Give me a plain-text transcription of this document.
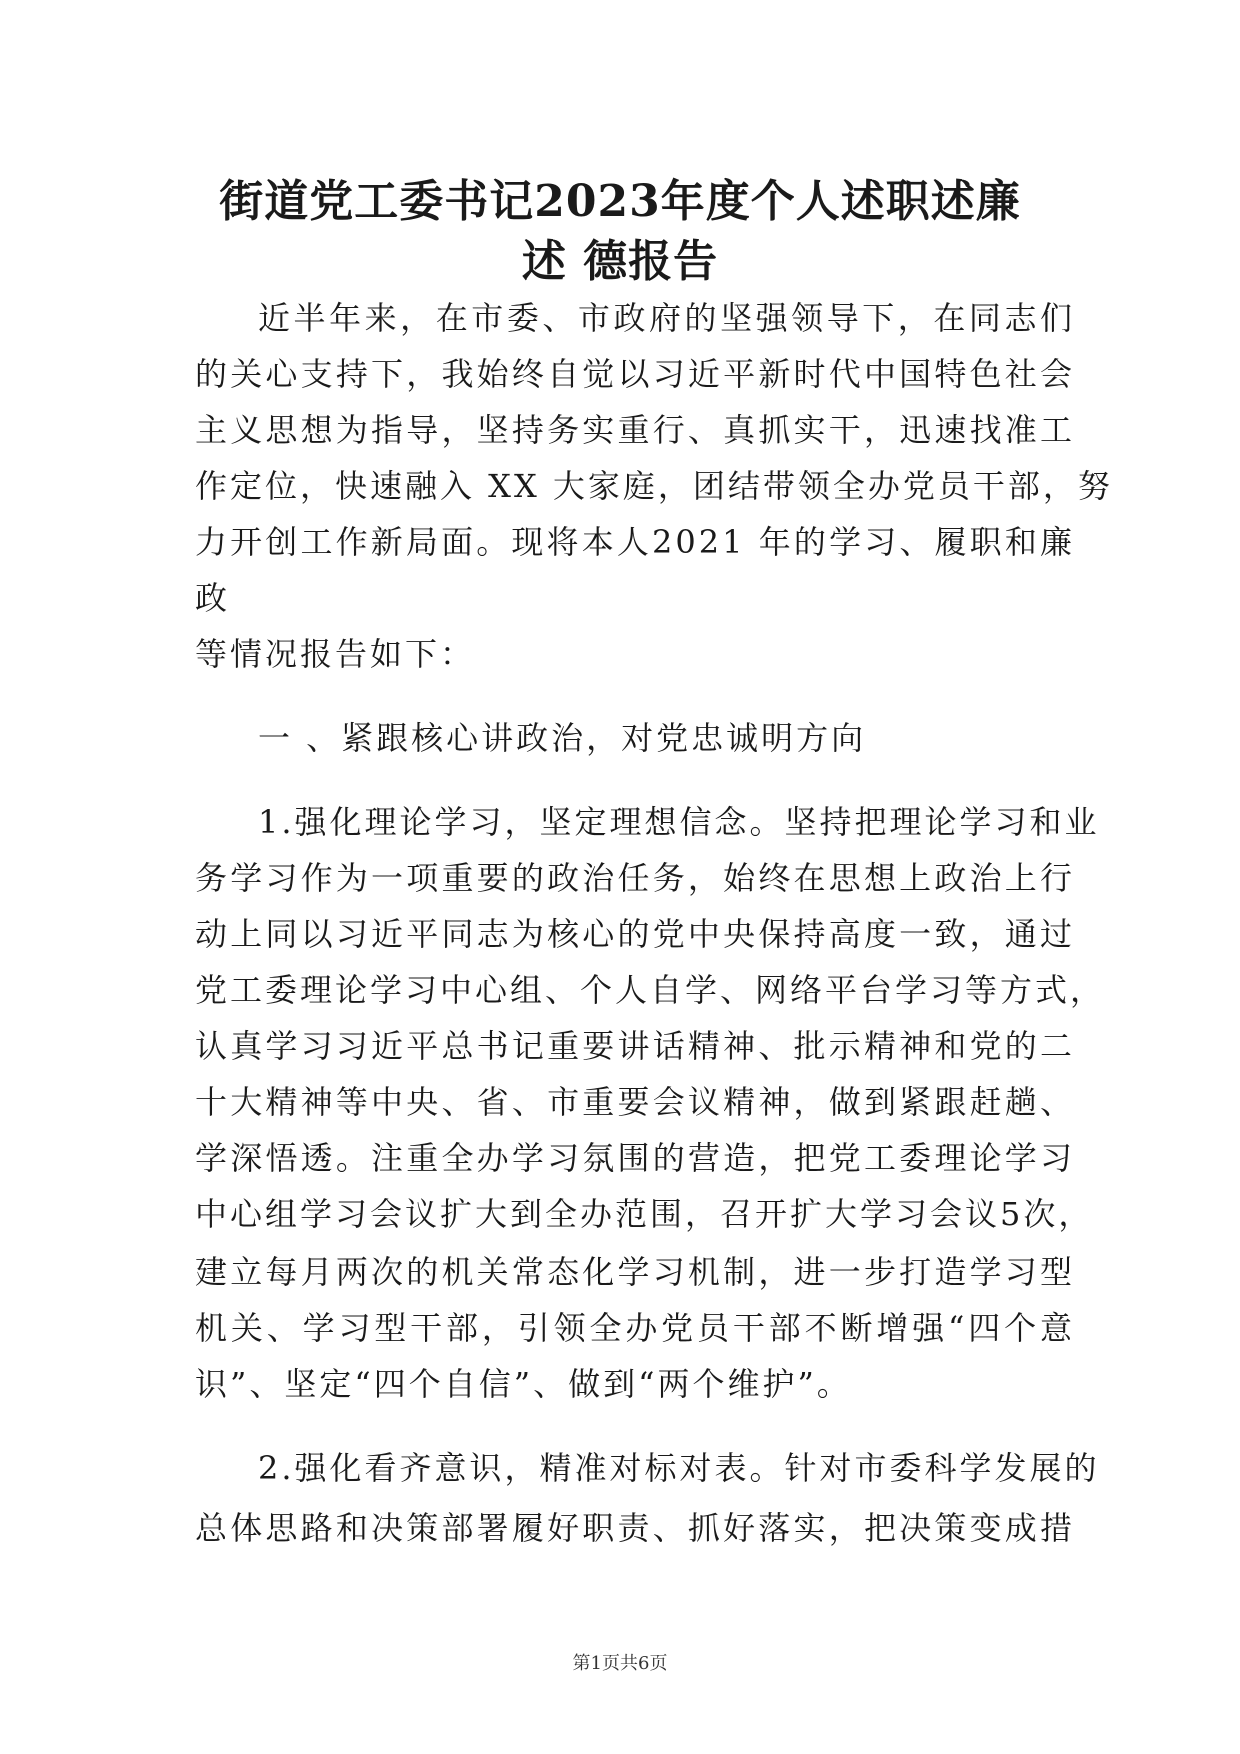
街道党工委书记2023年度个人述职述廉
述 德报告

近半年来，在市委、市政府的坚强领导下，在同志们

的关心支持下，我始终自觉以习近平新时代中国特色社会

主义思想为指导，坚持务实重行、真抓实干，迅速找准工

作定位，快速融入 XX 大家庭，团结带领全办党员干部，努

力开创工作新局面。现将本人2021 年的学习、履职和廉

政

等情况报告如下：

一 、紧跟核心讲政治，对党忠诚明方向

1.强化理论学习，坚定理想信念。坚持把理论学习和业

务学习作为一项重要的政治任务，始终在思想上政治上行

动上同以习近平同志为核心的党中央保持高度一致，通过

党工委理论学习中心组、个人自学、网络平台学习等方式，

认真学习习近平总书记重要讲话精神、批示精神和党的二

十大精神等中央、省、市重要会议精神，做到紧跟赶趟、

学深悟透。注重全办学习氛围的营造，把党工委理论学习

中心组学习会议扩大到全办范围，召开扩大学习会议5次，

建立每月两次的机关常态化学习机制，进一步打造学习型

机关、学习型干部，引领全办党员干部不断增强“四个意

识”、坚定“四个自信”、做到“两个维护”。

2.强化看齐意识，精准对标对表。针对市委科学发展的

总体思路和决策部署履好职责、抓好落实，把决策变成措

第1页共6页
